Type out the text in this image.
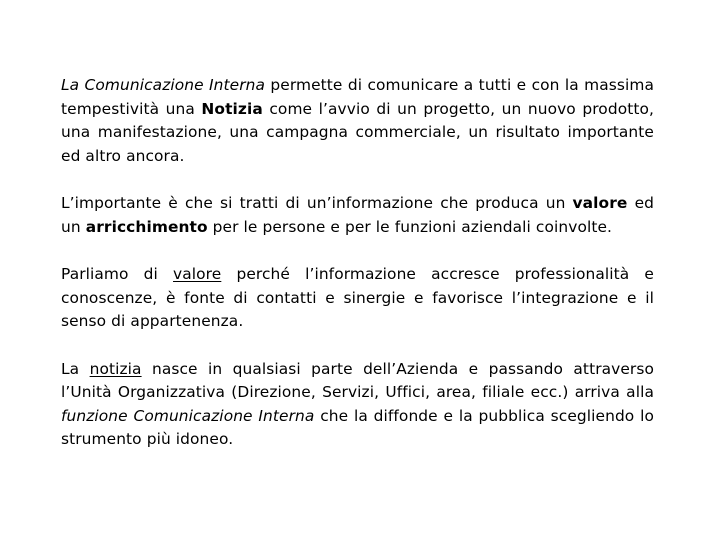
La Comunicazione Interna permette di comunicare a tutti e con la massima tempestività una Notizia come l’avvio di un progetto, un nuovo prodotto, una manifestazione, una campagna commerciale, un risultato importante ed altro ancora.

L’importante è che si tratti di un’informazione che produca un valore ed un arricchimento per le persone e per le funzioni aziendali coinvolte.

Parliamo di valore perché l’informazione accresce professionalità e conoscenze, è fonte di contatti e sinergie e favorisce l’integrazione e il senso di appartenenza.

La notizia nasce in qualsiasi parte dell’Azienda e passando attraverso l’Unità Organizzativa (Direzione, Servizi, Uffici, area, filiale ecc.) arriva alla funzione Comunicazione Interna che la diffonde e la pubblica scegliendo lo strumento più idoneo.
